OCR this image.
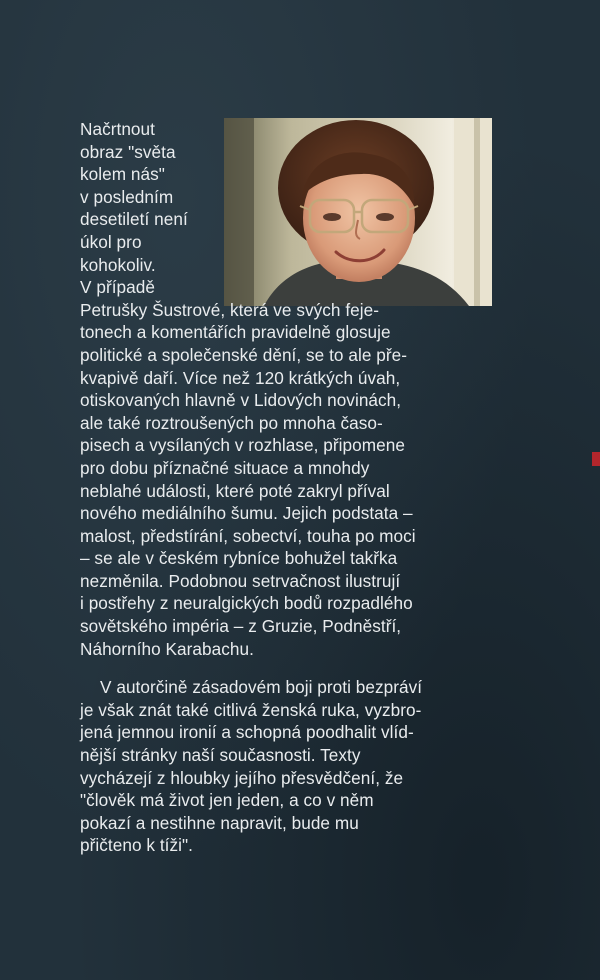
Načrtnout
obraz "světa
kolem nás"
v posledním
desetiletí není
úkol pro
kohokoliv.
V případě
Petrušky Šustrové, která ve svých feje-
tonech a komentářích pravidelně glosuje
politické a společenské dění, se to ale pře-
kvapivě daří. Více než 120 krátkých úvah,
otiskovaných hlavně v Lidových novinách,
ale také roztroušených po mnoha časo-
pisech a vysílaných v rozhlase, připomene
pro dobu příznačné situace a mnohdy
neblahé události, které poté zakryl příval
nového mediálního šumu. Jejich podstata –
malost, předstírání, sobectví, touha po moci
– se ale v českém rybníce bohužel takřka
nezměnila. Podobnou setrvačnost ilustrují
i postřehy z neuralgických bodů rozpadlého
sovětského impéria – z Gruzie, Podněstří,
Náhorního Karabachu.
V autorčině zásadovém boji proti bezpráví
je však znát také citlivá ženská ruka, vyzbro-
jená jemnou ironií a schopná poodhalit vlíd-
nější stránky naší současnosti. Texty
vycházejí z hloubky jejího přesvědčení, že
"člověk má život jen jeden, a co v něm
pokazí a nestihne napravit, bude mu
přičteno k tíži".
